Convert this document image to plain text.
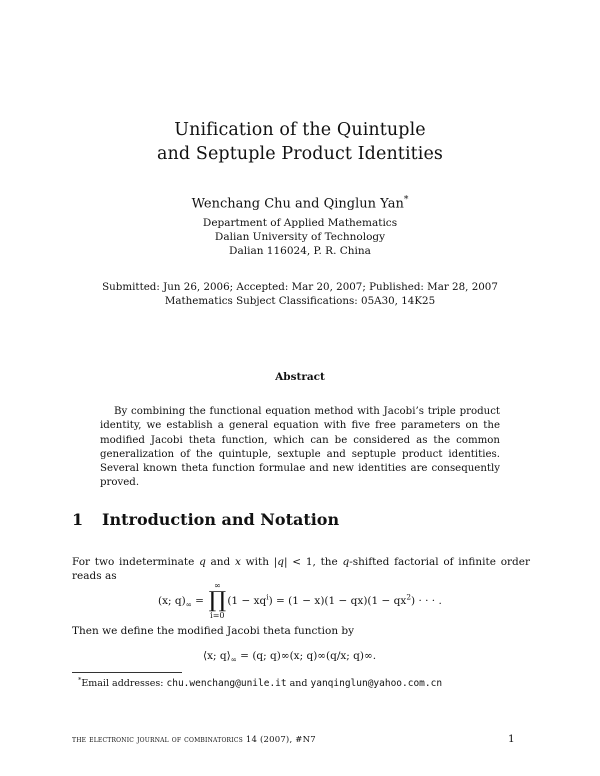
Unification of the Quintuple
and Septuple Product Identities
Wenchang Chu and Qinglun Yan*
Department of Applied Mathematics
Dalian University of Technology
Dalian 116024, P. R. China
Submitted: Jun 26, 2006; Accepted: Mar 20, 2007; Published: Mar 28, 2007
Mathematics Subject Classifications: 05A30, 14K25
Abstract
By combining the functional equation method with Jacobi’s triple product identity, we establish a general equation with five free parameters on the modified Jacobi theta function, which can be considered as the common generalization of the quintuple, sextuple and septuple product identities. Several known theta function formulae and new identities are consequently proved.
1 Introduction and Notation
For two indeterminate q and x with |q| < 1, the q-shifted factorial of infinite order reads as
(x; $q)_\infty$ =
∞
∏
i=0
$(1 - xq^i) = (1 - x)(1 - qx)(1 - qx^2)$ · · · .
Then we define the modified Jacobi theta function by
⟨x; $q⟩_\infty = (q$; q)∞(x; q)∞(q/x; q)∞.
*Email addresses: chu.wenchang@unile.it and yanqinglun@yahoo.com.cn
the electronic journal of combinatorics 14 (2007), #N7	1
